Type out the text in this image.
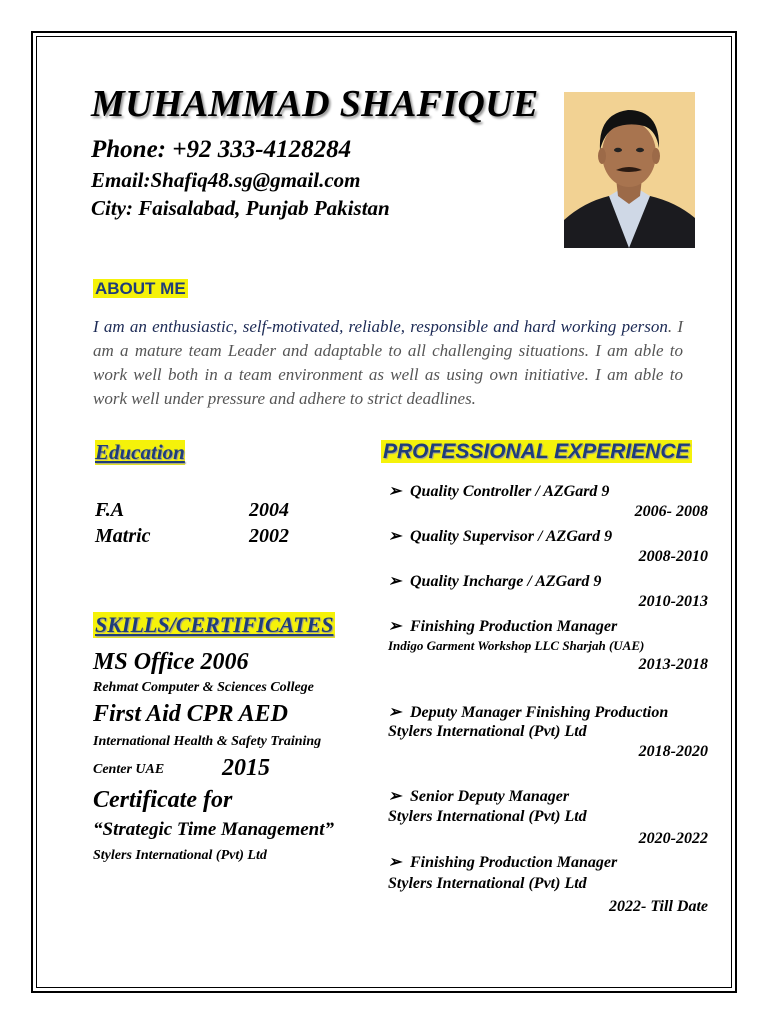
MUHAMMAD SHAFIQUE
Phone: +92 333-4128284
Email:Shafiq48.sg@gmail.com
City: Faisalabad, Punjab Pakistan
ABOUT ME
I am an enthusiastic, self-motivated, reliable, responsible and hard working person. I am a mature team Leader and adaptable to all challenging situations. I am able to work well both in a team environment as well as using own initiative. I am able to work well under pressure and adhere to strict deadlines.
Education
F.A	2004
Matric	2002
SKILLS/CERTIFICATES
MS Office 2006
Rehmat Computer & Sciences College
First Aid CPR AED
International Health & Safety Training
Center UAE 2015
Certificate for
“Strategic Time Management”
Stylers International (Pvt) Ltd
PROFESSIONAL EXPERIENCE
➢ Quality Controller / AZGard 9
2006- 2008
➢ Quality Supervisor / AZGard 9
2008-2010
➢ Quality Incharge / AZGard 9
2010-2013
➢ Finishing Production Manager
Indigo Garment Workshop LLC Sharjah (UAE)
2013-2018
➢ Deputy Manager Finishing Production
Stylers International (Pvt) Ltd
2018-2020
➢ Senior Deputy Manager
Stylers International (Pvt) Ltd
2020-2022
➢ Finishing Production Manager
Stylers International (Pvt) Ltd
2022- Till Date
